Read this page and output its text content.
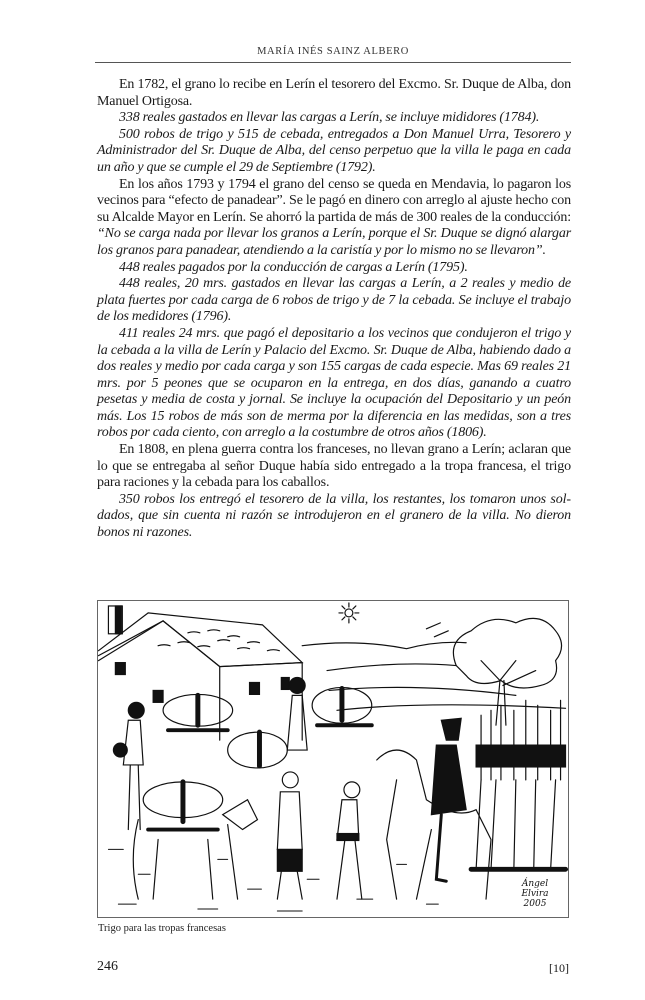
MARÍA INÉS SAINZ ALBERO

En 1782, el grano lo recibe en Lerín el tesorero del Excmo. Sr. Duque de Alba, don Manuel Ortigosa.

338 reales gastados en llevar las cargas a Lerín, se incluye mididores (1784).

500 robos de trigo y 515 de cebada, entregados a Don Manuel Urra, Tesorero y Administrador del Sr. Duque de Alba, del censo perpetuo que la villa le paga en cada un año y que se cumple el 29 de Septiembre (1792).

En los años 1793 y 1794 el grano del censo se queda en Mendavia, lo pagaron los vecinos para “efecto de panadear”. Se le pagó en dinero con arreglo al ajuste hecho con su Alcalde Mayor en Lerín. Se ahorró la partida de más de 300 reales de la conducción: “No se carga nada por llevar los granos a Lerín, porque el Sr. Duque se dignó alargar los granos para panadear, atendiendo a la caristía y por lo mismo no se llevaron”.

448 reales pagados por la conducción de cargas a Lerín (1795).

448 reales, 20 mrs. gastados en llevar las cargas a Lerín, a 2 reales y medio de plata fuertes por cada carga de 6 robos de trigo y de 7 la cebada. Se incluye el trabajo de los medidores (1796).

411 reales 24 mrs. que pagó el depositario a los vecinos que condujeron el trigo y la cebada a la villa de Lerín y Palacio del Excmo. Sr. Duque de Alba, habiendo dado a dos reales y medio por cada carga y son 155 cargas de cada especie. Mas 69 reales 21 mrs. por 5 peones que se ocuparon en la entrega, en dos días, ganando a cuatro pesetas y media de costa y jornal. Se incluye la ocupación del Depositario y un peón más. Los 15 robos de más son de merma por la diferencia en las medidas, son a tres robos por cada ciento, con arreglo a la costumbre de otros años (1806).

En 1808, en plena guerra contra los franceses, no llevan grano a Lerín; aclaran que lo que se entregaba al señor Duque había sido entregado a la tropa francesa, el trigo para raciones y la cebada para los caballos.

350 robos los entregó el tesorero de la villa, los restantes, los tomaron unos soldados, que sin cuenta ni razón se introdujeron en el granero de la villa. No dieron bonos ni razones.

Ángel Elvira 2005
Trigo para las tropas francesas
246	[10]
